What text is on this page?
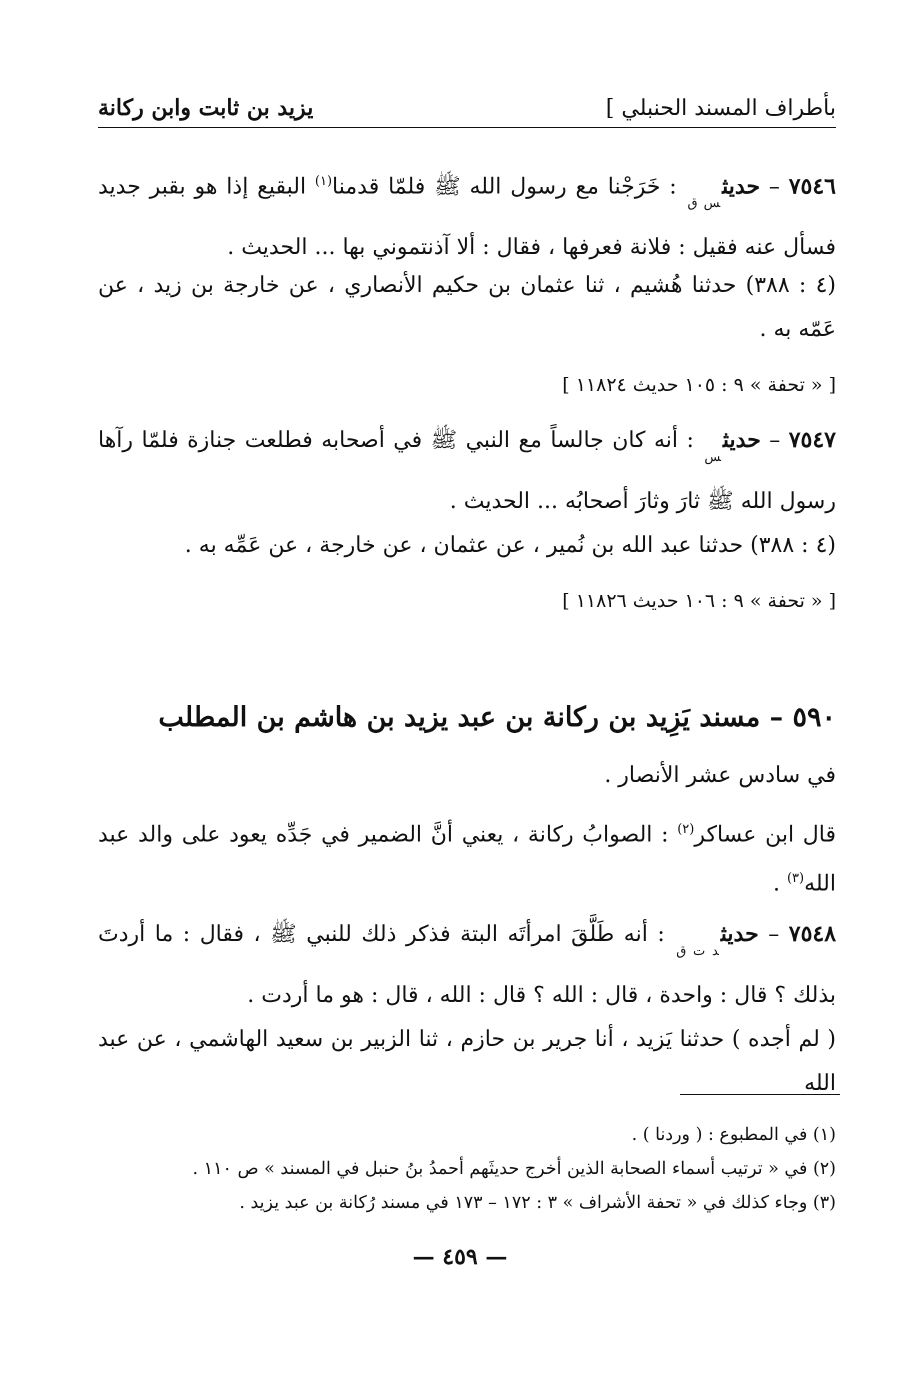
بأطراف المسند الحنبلي ]
يزيد بن ثابت وابن ركانة

٧٥٤٦ – حديث$_{س ق}$ : خَرَجْنا مع رسول الله ﷺ فلمّا قدمنا$^{(١)}$ البقيع إذا هو بقبر جديد فسأل عنه فقيل : فلانة فعرفها ، فقال : ألا آذنتموني بها ... الحديث .

(٤ : ٣٨٨) حدثنا هُشيم ، ثنا عثمان بن حكيم الأنصاري ، عن خارجة بن زيد ، عن عَمّه به .

[ « تحفة » ٩ : ١٠٥ حديث ١١٨٢٤ ]

٧٥٤٧ – حديث$_س$ : أنه كان جالساً مع النبي ﷺ في أصحابه فطلعت جنازة فلمّا رآها رسول الله ﷺ ثارَ وثارَ أصحابُه ... الحديث .

(٤ : ٣٨٨) حدثنا عبد الله بن نُمير ، عن عثمان ، عن خارجة ، عن عَمِّه به .

[ « تحفة » ٩ : ١٠٦ حديث ١١٨٢٦ ]

٥٩٠ – مسند يَزِيد بن ركانة بن عبد يزيد بن هاشم بن المطلب

في سادس عشر الأنصار .

قال ابن عساكر$^{(٢)}$ : الصوابُ ركانة ، يعني أنَّ الضمير في جَدِّه يعود على والد عبد الله$^{(٣)}$ .

٧٥٤٨ – حديث$_{د ت ق}$ : أنه طَلَّقَ امرأتَه البتة فذكر ذلك للنبي ﷺ ، فقال : ما أردتَ بذلك ؟ قال : واحدة ، قال : الله ؟ قال : الله ، قال : هو ما أردت .

( لم أجده ) حدثنا يَزيد ، أنا جرير بن حازم ، ثنا الزبير بن سعيد الهاشمي ، عن عبد الله

(١) في المطبوع : ( وردنا ) .

(٢) في « ترتيب أسماء الصحابة الذين أخرج حديثَهم أحمدُ بنُ حنبل في المسند » ص ١١٠ .

(٣) وجاء كذلك في « تحفة الأشراف » ٣ : ١٧٢ – ١٧٣ في مسند رُكانة بن عبد يزيد .

— ٤٥٩ —
